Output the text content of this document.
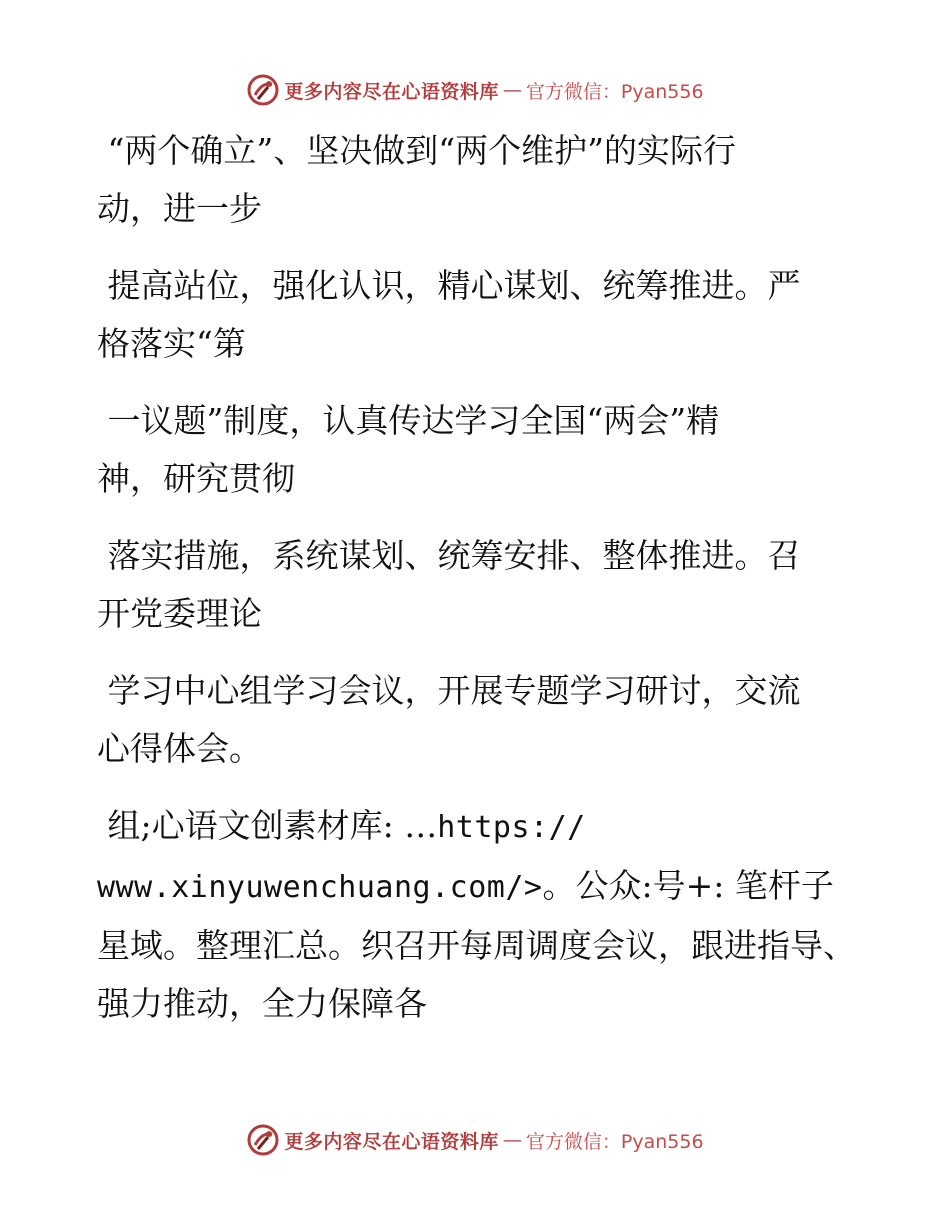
更多内容尽在心语资料库 — 官方微信：Pyan556
“两个确立”、坚决做到“两个维护”的实际行
动，进一步
提高站位，强化认识，精心谋划、统筹推进。严
格落实“第
一议题”制度，认真传达学习全国“两会”精
神，研究贯彻
落实措施，系统谋划、统筹安排、整体推进。召
开党委理论
学习中心组学习会议，开展专题学习研讨，交流
心得体会。
组;心语文创素材库: …https://
www.xinyuwenchuang.com/>。公众:号+: 笔杆子星域。整理汇总。织召开每周调度会议，跟进指导、强力推动，全力保障各
更多内容尽在心语资料库 — 官方微信：Pyan556
